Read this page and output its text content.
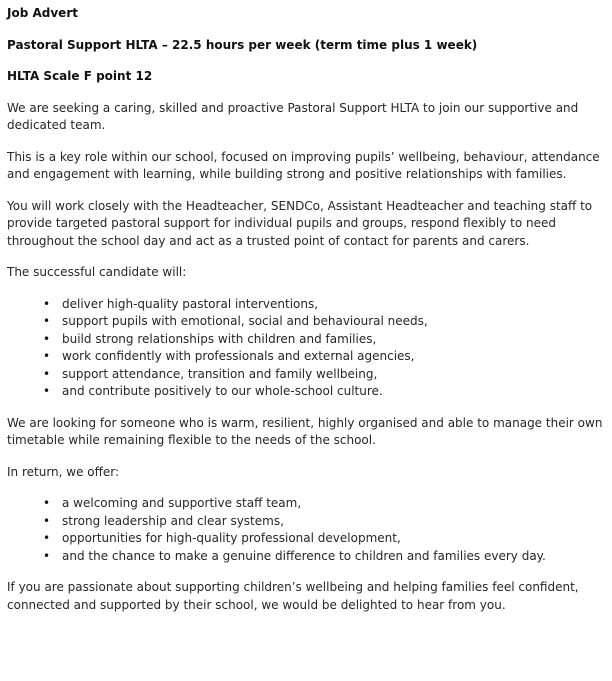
Job Advert

Pastoral Support HLTA – 22.5 hours per week (term time plus 1 week)

HLTA Scale F point 12

We are seeking a caring, skilled and proactive Pastoral Support HLTA to join our supportive and dedicated team.

This is a key role within our school, focused on improving pupils’ wellbeing, behaviour, attendance and engagement with learning, while building strong and positive relationships with families.

You will work closely with the Headteacher, SENDCo, Assistant Headteacher and teaching staff to provide targeted pastoral support for individual pupils and groups, respond flexibly to need throughout the school day and act as a trusted point of contact for parents and carers.

The successful candidate will:

• deliver high-quality pastoral interventions,
• support pupils with emotional, social and behavioural needs,
• build strong relationships with children and families,
• work confidently with professionals and external agencies,
• support attendance, transition and family wellbeing,
• and contribute positively to our whole-school culture.

We are looking for someone who is warm, resilient, highly organised and able to manage their own timetable while remaining flexible to the needs of the school.

In return, we offer:

• a welcoming and supportive staff team,
• strong leadership and clear systems,
• opportunities for high-quality professional development,
• and the chance to make a genuine difference to children and families every day.

If you are passionate about supporting children’s wellbeing and helping families feel confident, connected and supported by their school, we would be delighted to hear from you.
